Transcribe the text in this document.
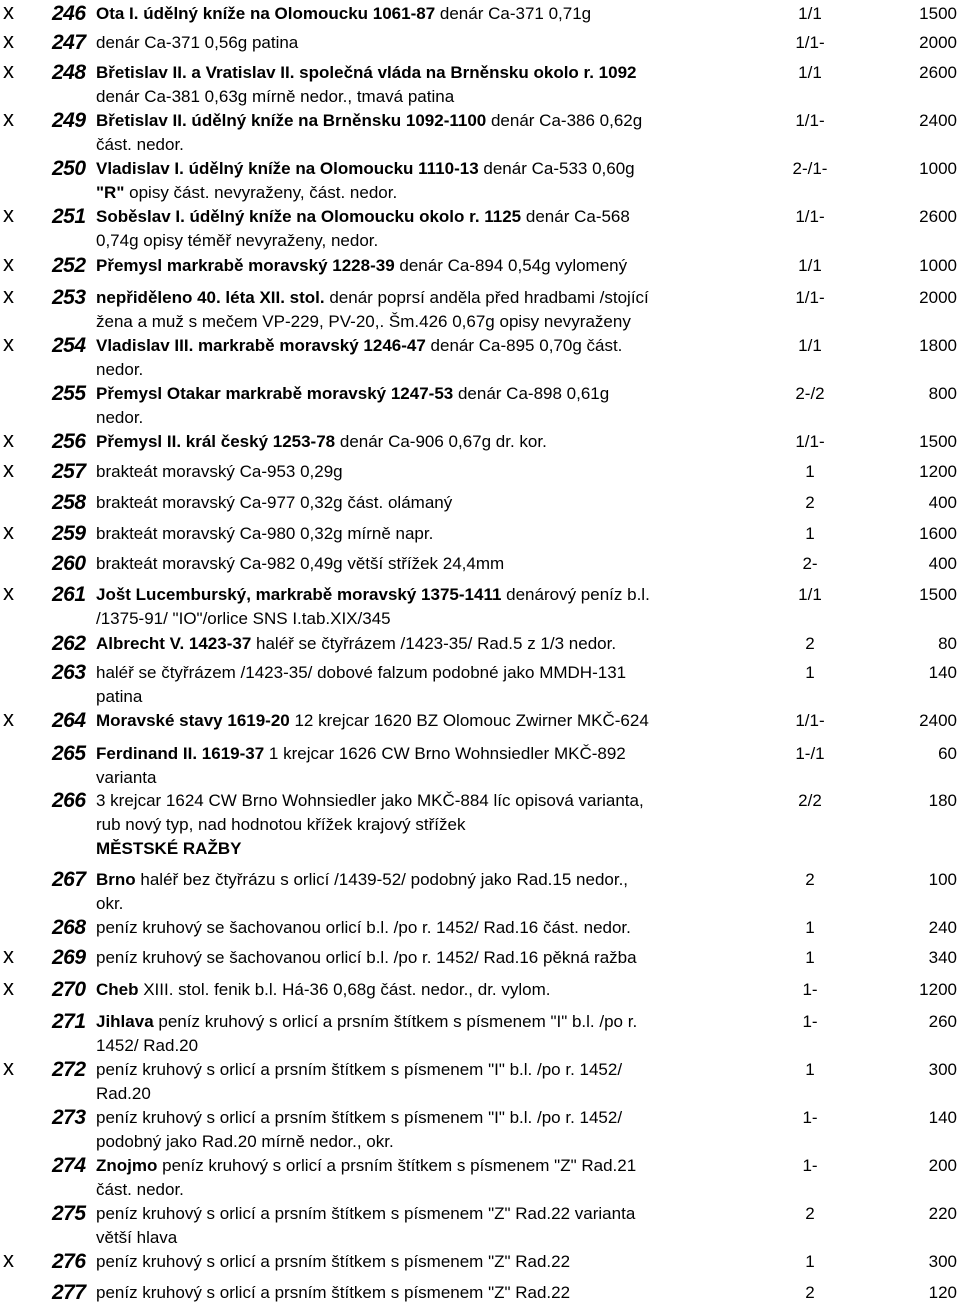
x 246 Ota I. údělný kníže na Olomoucku 1061-87 denár Ca-371 0,71g	1/1	1500
x 247 denár Ca-371 0,56g patina	1/1-	2000
x 248 Břetislav II. a Vratislav II. společná vláda na Brněnsku okolo r. 1092
denár Ca-381 0,63g mírně nedor., tmavá patina
1/1	2600
x 249 Břetislav II. údělný kníže na Brněnsku 1092-1100 denár Ca-386 0,62g
část. nedor.
1/1-	2400
250 Vladislav I. údělný kníže na Olomoucku 1110-13 denár Ca-533 0,60g
"R" opisy část. nevyraženy, část. nedor.
2-/1-	1000
x 251 Soběslav I. údělný kníže na Olomoucku okolo r. 1125 denár Ca-568
0,74g opisy téměř nevyraženy, nedor.
1/1-	2600
x 252 Přemysl markrabě moravský 1228-39 denár Ca-894 0,54g vylomený	1/1	1000
x 253 nepřiděleno 40. léta XII. stol. denár poprsí anděla před hradbami /stojící
žena a muž s mečem VP-229, PV-20,. Šm.426 0,67g opisy nevyraženy
1/1-	2000
x 254 Vladislav III. markrabě moravský 1246-47 denár Ca-895 0,70g část.
nedor.
1/1	1800
255 Přemysl Otakar markrabě moravský 1247-53 denár Ca-898 0,61g
nedor.
2-/2	800
x 256 Přemysl II. král český 1253-78 denár Ca-906 0,67g dr. kor.	1/1-	1500
x 257 brakteát moravský Ca-953 0,29g	1	1200
258 brakteát moravský Ca-977 0,32g část. olámaný	2	400
x 259 brakteát moravský Ca-980 0,32g mírně napr.	1	1600
260 brakteát moravský Ca-982 0,49g větší střížek 24,4mm	2-	400
x 261 Jošt Lucemburský, markrabě moravský 1375-1411 denárový peníz b.l.
/1375-91/ "IO"/orlice SNS I.tab.XIX/345
1/1	1500
262 Albrecht V. 1423-37 haléř se čtyřrázem /1423-35/ Rad.5 z 1/3 nedor.	2	80
263 haléř se čtyřrázem /1423-35/ dobové falzum podobné jako MMDH-131
patina
1	140
x 264 Moravské stavy 1619-20 12 krejcar 1620 BZ Olomouc Zwirner MKČ-624	1/1-	2400
265 Ferdinand II. 1619-37 1 krejcar 1626 CW Brno Wohnsiedler MKČ-892
varianta
1-/1	60
266 3 krejcar 1624 CW Brno Wohnsiedler jako MKČ-884 líc opisová varianta,
rub nový typ, nad hodnotou křížek krajový střížek
MĚSTSKÉ RAŽBY
2/2	180
267 Brno haléř bez čtyřrázu s orlicí /1439-52/ podobný jako Rad.15 nedor.,
okr.
2	100
268 peníz kruhový se šachovanou orlicí b.l. /po r. 1452/ Rad.16 část. nedor.	1	240
x 269 peníz kruhový se šachovanou orlicí b.l. /po r. 1452/ Rad.16 pěkná ražba	1	340
x 270 Cheb XIII. stol. fenik b.l. Há-36 0,68g část. nedor., dr. vylom.	1-	1200
271 Jihlava peníz kruhový s orlicí a prsním štítkem s písmenem "I" b.l. /po r.
1452/ Rad.20
1-	260
x 272 peníz kruhový s orlicí a prsním štítkem s písmenem "I" b.l. /po r. 1452/
Rad.20
1	300
273 peníz kruhový s orlicí a prsním štítkem s písmenem "I" b.l. /po r. 1452/
podobný jako Rad.20 mírně nedor., okr.
1-	140
274 Znojmo peníz kruhový s orlicí a prsním štítkem s písmenem "Z" Rad.21
část. nedor.
1-	200
275 peníz kruhový s orlicí a prsním štítkem s písmenem "Z" Rad.22 varianta
větší hlava
2	220
x 276 peníz kruhový s orlicí a prsním štítkem s písmenem "Z" Rad.22	1	300
277 peníz kruhový s orlicí a prsním štítkem s písmenem "Z" Rad.22	2	120
